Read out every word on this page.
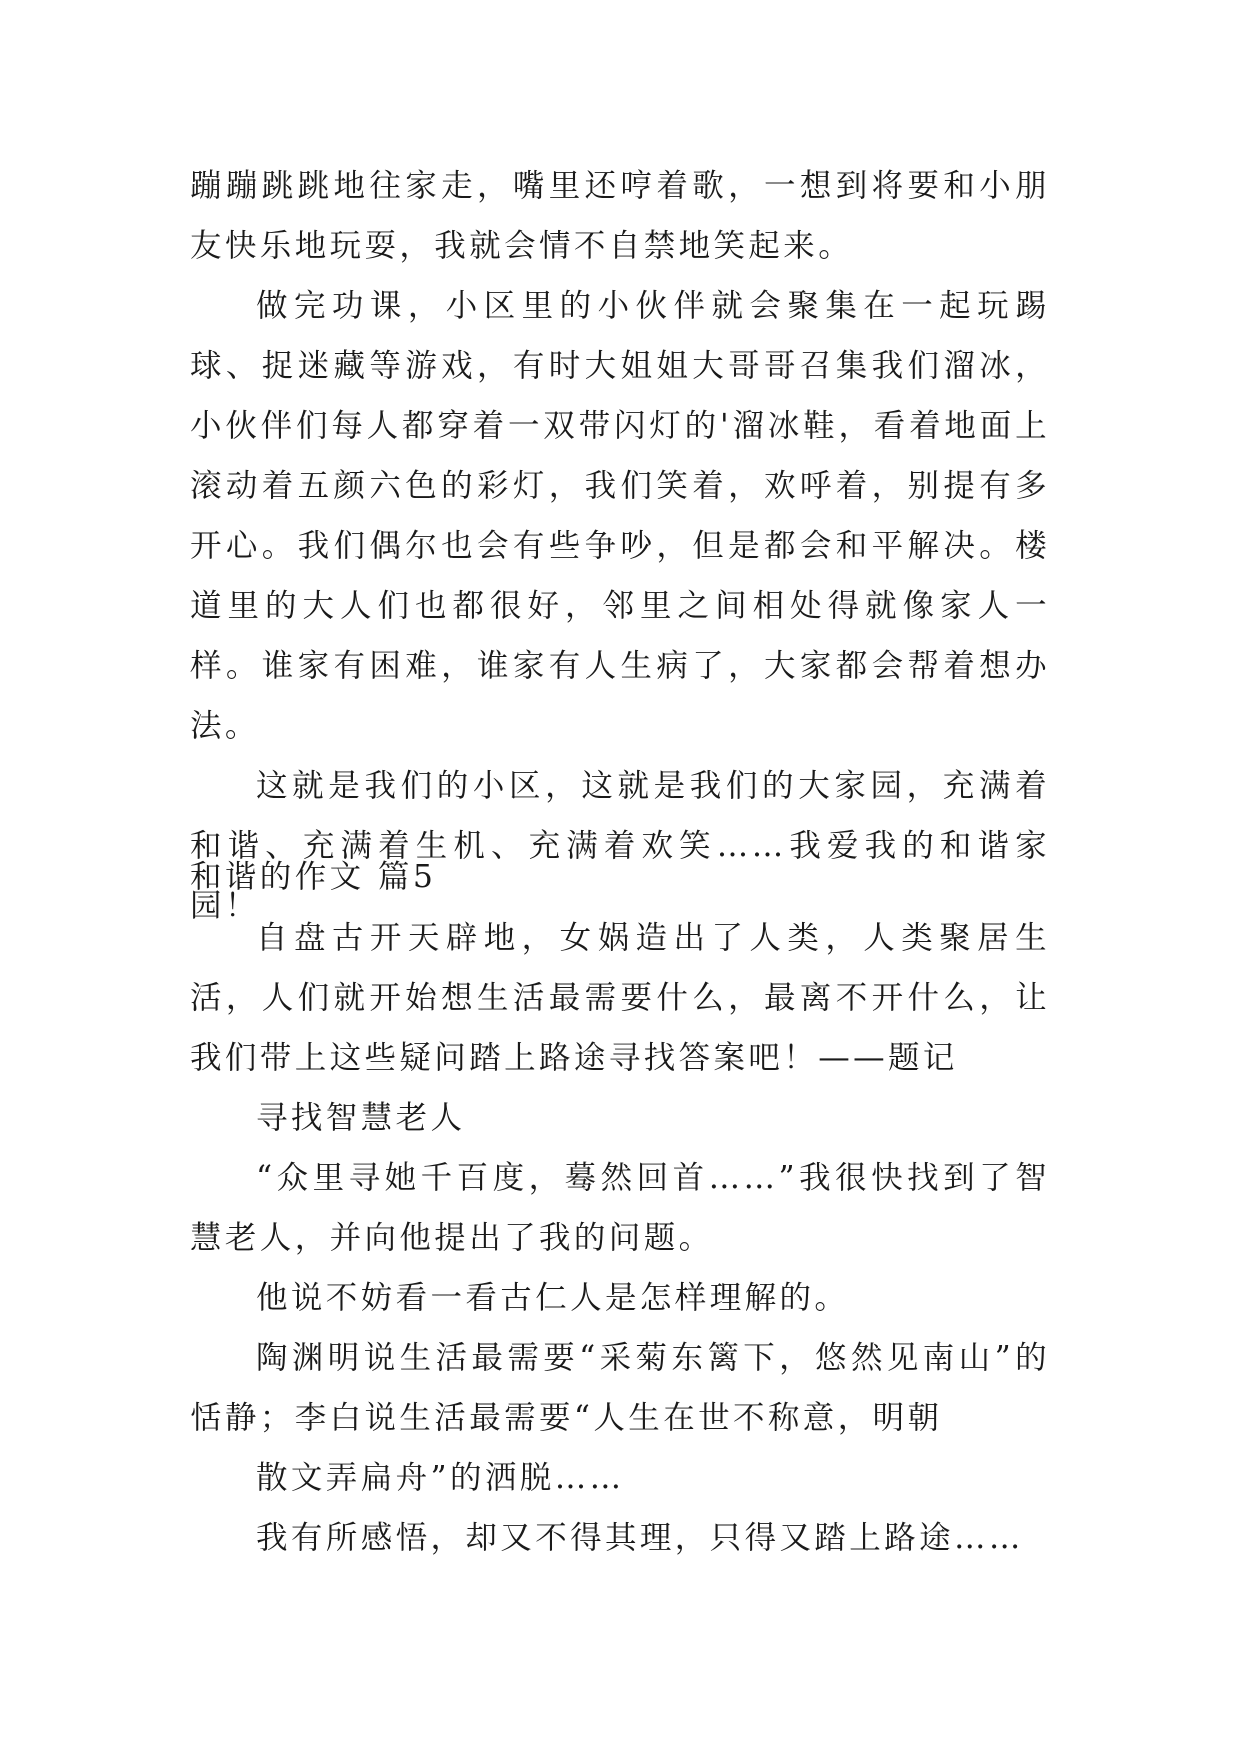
蹦蹦跳跳地往家走，嘴里还哼着歌，一想到将要和小朋友快乐地玩耍，我就会情不自禁地笑起来。

做完功课，小区里的小伙伴就会聚集在一起玩踢球、捉迷藏等游戏，有时大姐姐大哥哥召集我们溜冰，小伙伴们每人都穿着一双带闪灯的'溜冰鞋，看着地面上滚动着五颜六色的彩灯，我们笑着，欢呼着，别提有多开心。我们偶尔也会有些争吵，但是都会和平解决。楼道里的大人们也都很好，邻里之间相处得就像家人一样。谁家有困难，谁家有人生病了，大家都会帮着想办法。

这就是我们的小区，这就是我们的大家园，充满着和谐、充满着生机、充满着欢笑……我爱我的和谐家园！

和谐的作文 篇5

自盘古开天辟地，女娲造出了人类，人类聚居生活，人们就开始想生活最需要什么，最离不开什么，让我们带上这些疑问踏上路途寻找答案吧！——题记

寻找智慧老人

“众里寻她千百度，蓦然回首……”我很快找到了智慧老人，并向他提出了我的问题。

他说不妨看一看古仁人是怎样理解的。

陶渊明说生活最需要“采菊东篱下，悠然见南山”的恬静；李白说生活最需要“人生在世不称意，明朝

散文弄扁舟”的洒脱……

我有所感悟，却又不得其理，只得又踏上路途……
